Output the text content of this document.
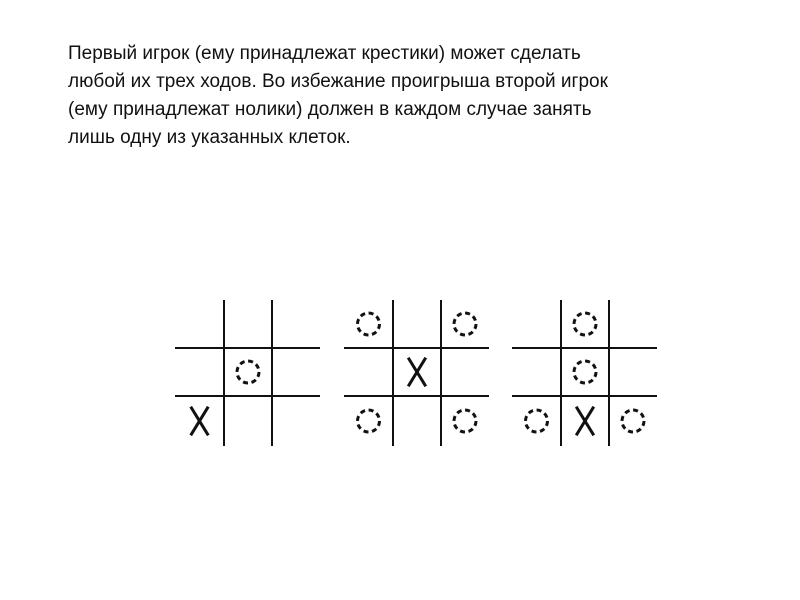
Первый игрок (ему принадлежат крестики) может сделать
любой их трех ходов. Во избежание проигрыша второй игрок
(ему принадлежат нолики) должен в каждом случае занять
лишь одну из указанных клеток.
